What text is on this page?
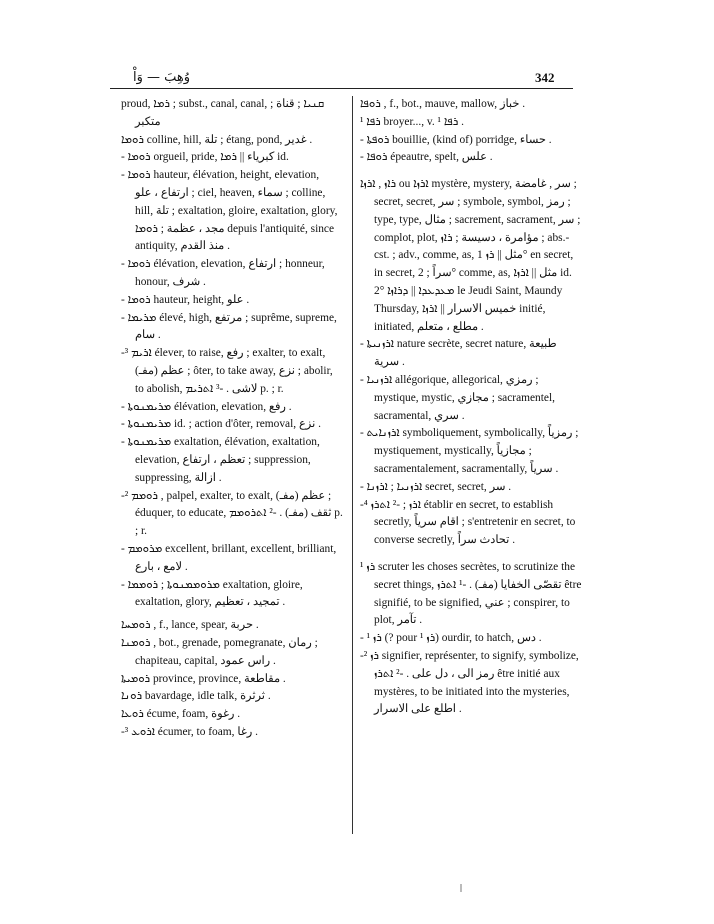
وُهِبَ — وَاْ	342

proud, ܪܡܐ ; subst., canal, canal, ܩܢܝܐ ; قناة ; متكبر

ܪܘܡܐ colline, hill, تلة ; étang, pond, غدير .

- ܪܘܡܐ orgueil, pride, كبرياء || ܪܡܐ id.

- ܪܘܡܐ hauteur, élévation, height, elevation, ارتفاع ، علو ; ciel, heaven, سماء ; colline, hill, تلة ; exaltation, gloire, exaltation, glory, مجد ، عظمة ; ܪܘܡܐ depuis l'antiquité, since antiquity, منذ القدم .

- ܪܘܡܐ élévation, elevation, ارتفاع ; honneur, honour, شرف .

- ܪܘܡܐ hauteur, height, علو .

- ܡܪܝܡܐ élevé, high, مرتفع ; suprême, supreme, سام .

-³ ܐܪܝܡ élever, to raise, رفع ; exalter, to exalt, عظم (مفـ) ; ôter, to take away, نزع ; abolir, to abolish, لاشى . -³ ܐܬܪܝܡ p. ; r.

- ܡܪܝܡܢܘܬܐ élévation, elevation, رفع .

- ܡܪܝܡܢܘܬܐ id. ; action d'ôter, removal, نزع .

- ܡܪܝܡܢܘܬܐ exaltation, élévation, exaltation, elevation, تعظم ، ارتفاع ; suppression, suppressing, ازالة .

-² ܪܘܡܡ , palpel, exalter, to exalt, عظم (مفـ) ; éduquer, to educate, ثقف (مفـ) . -² ܐܬܪܘܡܡ p. ; r.

- ܡܪܘܡܡ excellent, brillant, excellent, brilliant, لامع ، بارع .

- ܡܪܘܡܡܢܘܬܐ ; ܪܘܡܡܐ exaltation, gloire, exaltation, glory, تمجيد ، تعظيم .

ܪܘܡܚܐ , f., lance, spear, حربة .

ܪܘܡܢܐ , bot., grenade, pomegranate, رمان ; chapiteau, capital, راس عمود .

ܪܘܡܝܬܐ province, province, مقاطعة .

ܪܘܢܐ bavardage, idle talk, ثرثرة .

ܪܘܥܐ écume, foam, رغوة .

-³ ܐܪܘܥ écumer, to foam, رغا .

ܪܘܦܐ , f., bot., mauve, mallow, خباز .

¹ ܪܦܐ broyer..., v. ¹ ܪܦܐ .

- ܪܘܦܬܐ bouillie, (kind of) porridge, حساء .

- ܪܘܦܐ épeautre, spelt, علس .

ܪܐܙ , ܐܪܙܐ ou ܐܪܙܐ mystère, mystery, سر , غامضة ; secret, secret, سر ; symbole, symbol, رمز ; type, type, مثال ; sacrement, sacrament, سر ; complot, plot, مؤامرة ، دسيسة ; ܪܐܙ ; abs.-cst. ; adv., comme, as, مثل || ܪܙ 1° en secret, in secret, سراً ; 2° comme, as, مثل || ܐܪܙܐ id. 2° ܡܥܕܥܕܐ || ܕܪܐܙܐ le Jeudi Saint, Maundy Thursday, خميس الاسرار || ܐܪܙܐ initié, initiated, مطلع ، متعلم .

- ܐܪܙܢܝܬܐ nature secrète, secret nature, طبيعة سرية .

- ܐܪܙܢܝܐ allégorique, allegorical, رمزي ; mystique, mystic, مجازي ; sacramentel, sacramental, سري .

- ܐܪܙܢܐܝܬ symboliquement, symbolically, رمزياً ; mystiquement, mystically, مجازياً ; sacramentalement, sacramentally, سرياً .

- ܐܪܙܢܝܐ ; ܐܪܙܢܐ secret, secret, سر .

-⁴ ܐܪܙ ; -² ܐܬܪܙ établir en secret, to establish secretly, اقام سرياً ; s'entretenir en secret, to converse secretly, تحادث سراً .

¹ ܪܙ scruter les choses secrètes, to scrutinize the secret things, تقصّى الخفايا (مفـ) . -¹ ܐܬܪܙ être signifié, to be signified, عني ; conspirer, to plot, تآمر .

- ¹ ܪܙ (? pour ¹ ܪܙ) ourdir, to hatch, دس .

-² ܪܙ signifier, représenter, to signify, symbolize, رمز الى ، دل على . -² ܐܬܪܙ être initié aux mystères, to be initiated into the mysteries, اطلع على الاسرار .
